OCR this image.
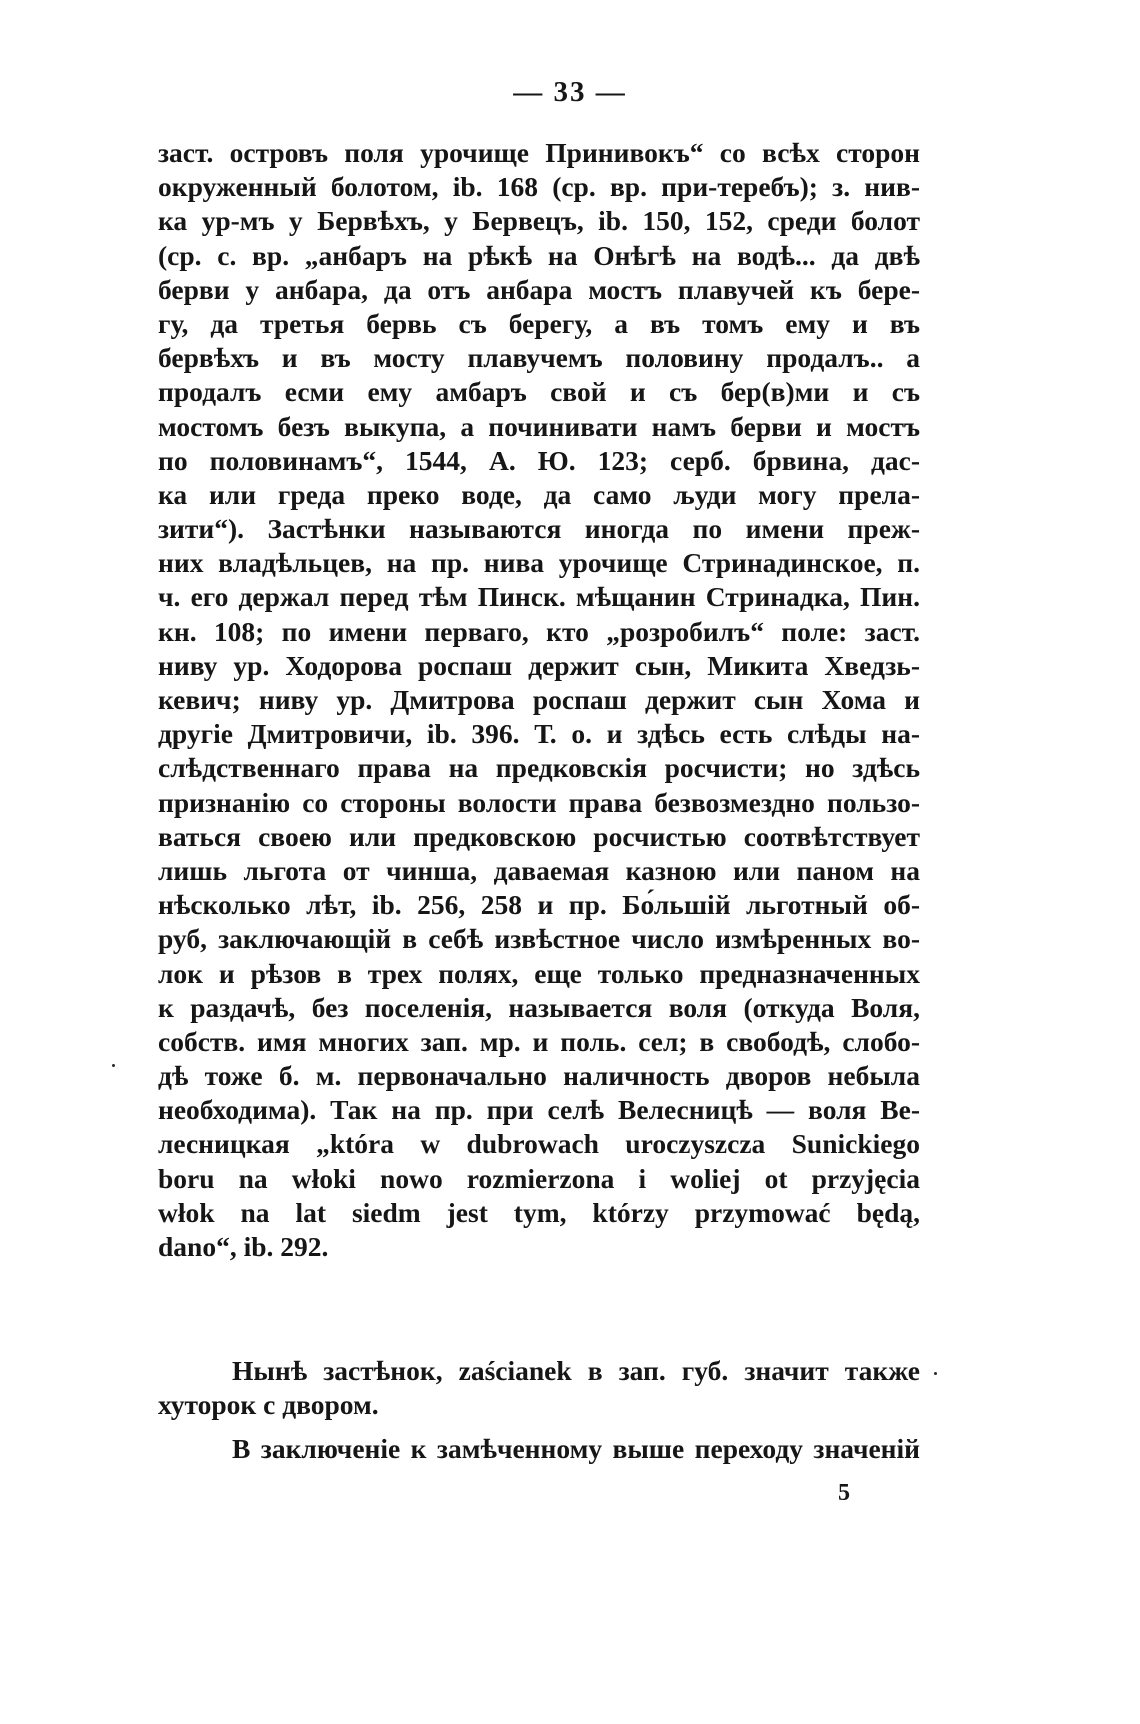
— 33 —
заст. островъ поля урочище Принивокъ“ со всѣх сторон
окруженный болотом, ib. 168 (ср. вр. при-теребъ); з. нив-
ка ур-мъ у Бервѣхъ, у Бервецъ, ib. 150, 152, среди болот
(ср. с. вр. „анбаръ на рѣкѣ на Онѣгѣ на водѣ... да двѣ
берви у анбара, да отъ анбара мостъ плавучей къ бере-
гу, да третья бервь съ берегу, а въ томъ ему и въ
бервѣхъ и въ мосту плавучемъ половину продалъ.. а
продалъ есми ему амбаръ свой и съ бер(в)ми и съ
мостомъ безъ выкупа, а починивати намъ берви и мостъ
по половинамъ“, 1544, А. Ю. 123; серб. брвина, дас-
ка или греда преко воде, да само људи могу прела-
зити“). Застѣнки называются иногда по имени преж-
них владѣльцев, на пр. нива урочище Стринадинское, п.
ч. его держал перед тѣм Пинск. мѣщанин Стринадка, Пин.
кн. 108; по имени перваго, кто „розробилъ“ поле: заст.
ниву ур. Ходорова роспаш держит сын, Микита Хведзь-
кевич; ниву ур. Дмитрова роспаш держит сын Хома и
другіе Дмитровичи, ib. 396. Т. о. и здѣсь есть слѣды на-
слѣдственнаго права на предковскія росчисти; но здѣсь
признанію со стороны волости права безвозмездно пользо-
ваться своею или предковскою росчистью соотвѣтствует
лишь льгота от чиншa, даваемая казною или паном на
нѣсколько лѣт, ib. 256, 258 и пр. Бо́льшій льготный об-
руб, заключающій в себѣ извѣстное число измѣренных во-
лок и рѣзов в трех полях, еще только предназначенных
к раздачѣ, без поселенія, называется воля (откуда Воля,
собств. имя многих зап. мр. и поль. сел; в свободѣ, слобо-
дѣ тоже б. м. первоначально наличность дворов небыла
необходима). Так на пр. при селѣ Велесницѣ — воля Ве-
лесницкая „która w dubrowach uroczyszcza Sunickiego
boru na włoki nowo rozmierzona i woliej ot przyjęcia
włok na lat siedm jest tym, którzy przymować będą,
dano“, ib. 292.
Нынѣ застѣнок, zaścianek в зап. губ. значит также
хуторок с двором.
В заключеніе к замѣченному выше переходу значеній
5
